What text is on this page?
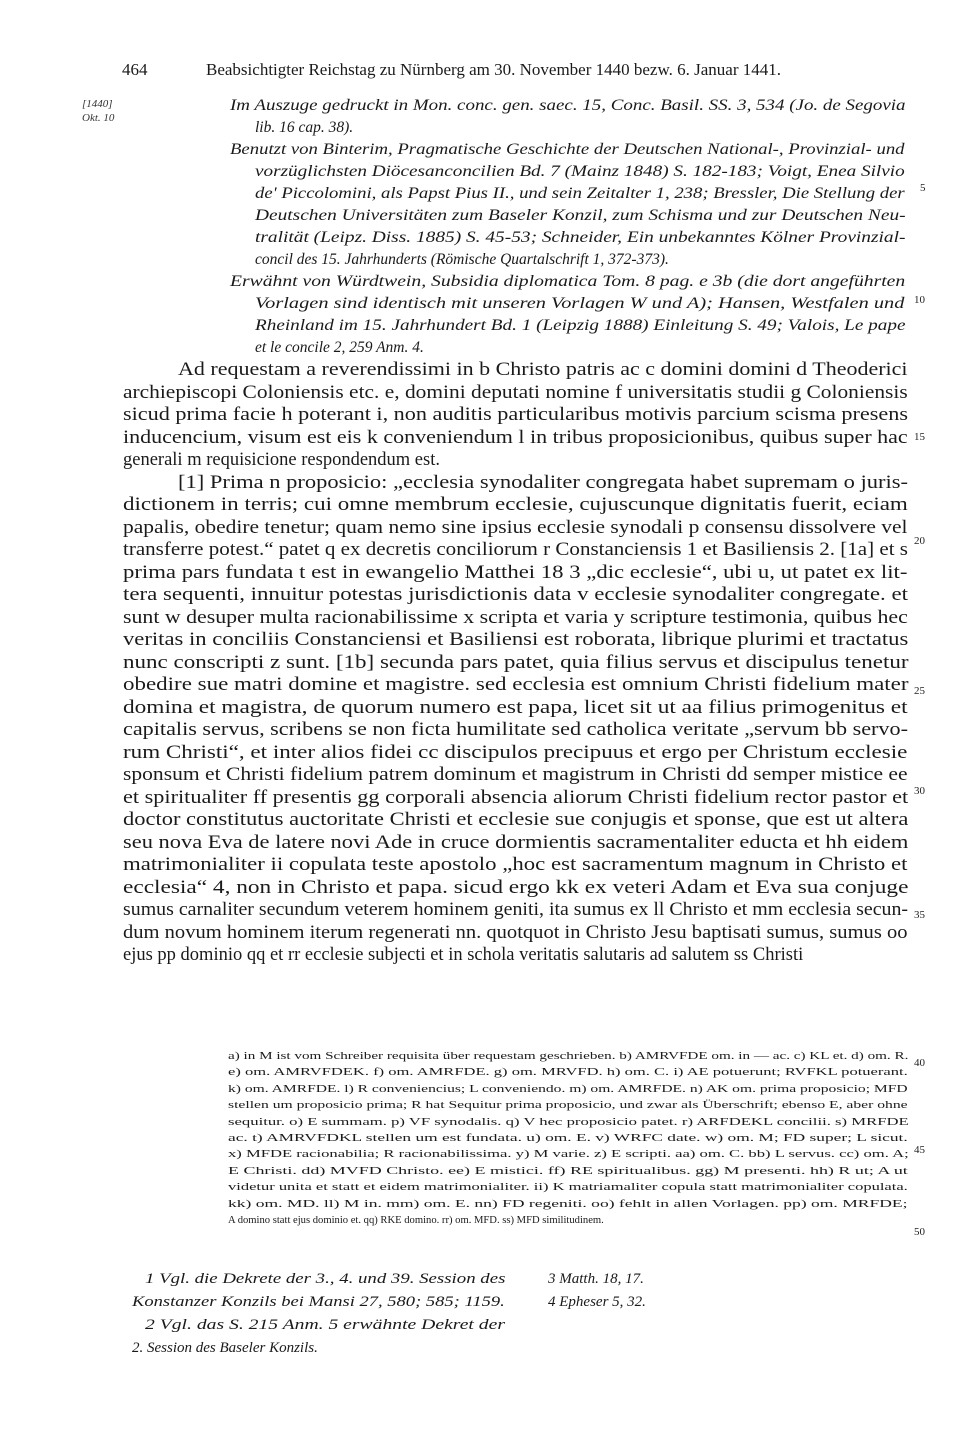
464	Beabsichtigter Reichstag zu Nürnberg am 30. November 1440 bezw. 6. Januar 1441.
[1440]
Okt. 10
Im Auszuge gedruckt in Mon. conc. gen. saec. 15, Conc. Basil. SS. 3, 534 (Jo. de Segovia
lib. 16 cap. 38).
Benutzt von Binterim, Pragmatische Geschichte der Deutschen National-, Provinzial- und
vorzüglichsten Diöcesanconcilien Bd. 7 (Mainz 1848) S. 182-183; Voigt, Enea Silvio
de' Piccolomini, als Papst Pius II., und sein Zeitalter 1, 238; Bressler, Die Stellung der
Deutschen Universitäten zum Baseler Konzil, zum Schisma und zur Deutschen Neu-
tralität (Leipz. Diss. 1885) S. 45-53; Schneider, Ein unbekanntes Kölner Provinzial-
concil des 15. Jahrhunderts (Römische Quartalschrift 1, 372-373).
Erwähnt von Würdtwein, Subsidia diplomatica Tom. 8 pag. e 3b (die dort angeführten
Vorlagen sind identisch mit unseren Vorlagen W und A); Hansen, Westfalen und
Rheinland im 15. Jahrhundert Bd. 1 (Leipzig 1888) Einleitung S. 49; Valois, Le pape
et le concile 2, 259 Anm. 4.
Ad requestam a reverendissimi in b Christo patris ac c domini domini d Theoderici
archiepiscopi Coloniensis etc. e, domini deputati nomine f universitatis studii g Coloniensis
sicud prima facie h poterant i, non auditis particularibus motivis parcium scisma presens
inducencium, visum est eis k conveniendum l in tribus proposicionibus, quibus super hac
generali m requisicione respondendum est.
[1] Prima n proposicio: „ecclesia synodaliter congregata habet supremam o juris-
dictionem in terris; cui omne membrum ecclesie, cujuscunque dignitatis fuerit, eciam
papalis, obedire tenetur; quam nemo sine ipsius ecclesie synodali p consensu dissolvere vel
transferre potest.“ patet q ex decretis conciliorum r Constanciensis 1 et Basiliensis 2. [1a] et s
prima pars fundata t est in ewangelio Matthei 18 3 „dic ecclesie“, ubi u, ut patet ex lit-
tera sequenti, innuitur potestas jurisdictionis data v ecclesie synodaliter congregate. et
sunt w desuper multa racionabilissime x scripta et varia y scripture testimonia, quibus hec
veritas in conciliis Constanciensi et Basiliensi est roborata, librique plurimi et tractatus
nunc conscripti z sunt. [1b] secunda pars patet, quia filius servus et discipulus tenetur
obedire sue matri domine et magistre. sed ecclesia est omnium Christi fidelium mater
domina et magistra, de quorum numero est papa, licet sit ut aa filius primogenitus et
capitalis servus, scribens se non ficta humilitate sed catholica veritate „servum bb servo-
rum Christi“, et inter alios fidei cc discipulos precipuus et ergo per Christum ecclesie
sponsum et Christi fidelium patrem dominum et magistrum in Christi dd semper mistice ee
et spiritualiter ff presentis gg corporali absencia aliorum Christi fidelium rector pastor et
doctor constitutus auctoritate Christi et ecclesie sue conjugis et sponse, que est ut altera
seu nova Eva de latere novi Ade in cruce dormientis sacramentaliter educta et hh eidem
matrimonialiter ii copulata teste apostolo „hoc est sacramentum magnum in Christo et
ecclesia“ 4, non in Christo et papa. sicud ergo kk ex veteri Adam et Eva sua conjuge
sumus carnaliter secundum veterem hominem geniti, ita sumus ex ll Christo et mm ecclesia secun-
dum novum hominem iterum regenerati nn. quotquot in Christo Jesu baptisati sumus, sumus oo
ejus pp dominio qq et rr ecclesie subjecti et in schola veritatis salutaris ad salutem ss Christi
a) in M ist vom Schreiber requisita über requestam geschrieben. b) AMRVFDE om. in — ac. c) KL et. d) om. R.
e) om. AMRVFDEK. f) om. AMRFDE. g) om. MRVFD. h) om. C. i) AE potuerunt; RVFKL potuerant.
k) om. AMRFDE. l) R conveniencius; L conveniendo. m) om. AMRFDE. n) AK om. prima proposicio; MFD
stellen um proposicio prima; R hat Sequitur prima proposicio, und zwar als Überschrift; ebenso E, aber ohne
sequitur. o) E summam. p) VF synodalis. q) V hec proposicio patet. r) ARFDEKL concilii. s) MRFDE
ac. t) AMRVFDKL stellen um est fundata. u) om. E. v) WRFC date. w) om. M; FD super; L sicut.
x) MFDE racionabilia; R racionabilissima. y) M varie. z) E scripti. aa) om. C. bb) L servus. cc) om. A;
E Christi. dd) MVFD Christo. ee) E mistici. ff) RE spiritualibus. gg) M presenti. hh) R ut; A ut
videtur unita et statt et eidem matrimonialiter. ii) K matriamaliter copula statt matrimonialiter copulata.
kk) om. MD. ll) M in. mm) om. E. nn) FD regeniti. oo) fehlt in allen Vorlagen. pp) om. MRFDE;
A domino statt ejus dominio et. qq) RKE domino. rr) om. MFD. ss) MFD similitudinem.
1 Vgl. die Dekrete der 3., 4. und 39. Session des
Konstanzer Konzils bei Mansi 27, 580; 585; 1159.
2 Vgl. das S. 215 Anm. 5 erwähnte Dekret der
2. Session des Baseler Konzils.
3 Matth. 18, 17.
4 Epheser 5, 32.
5
10
15
20
25
30
35
40
45
50
